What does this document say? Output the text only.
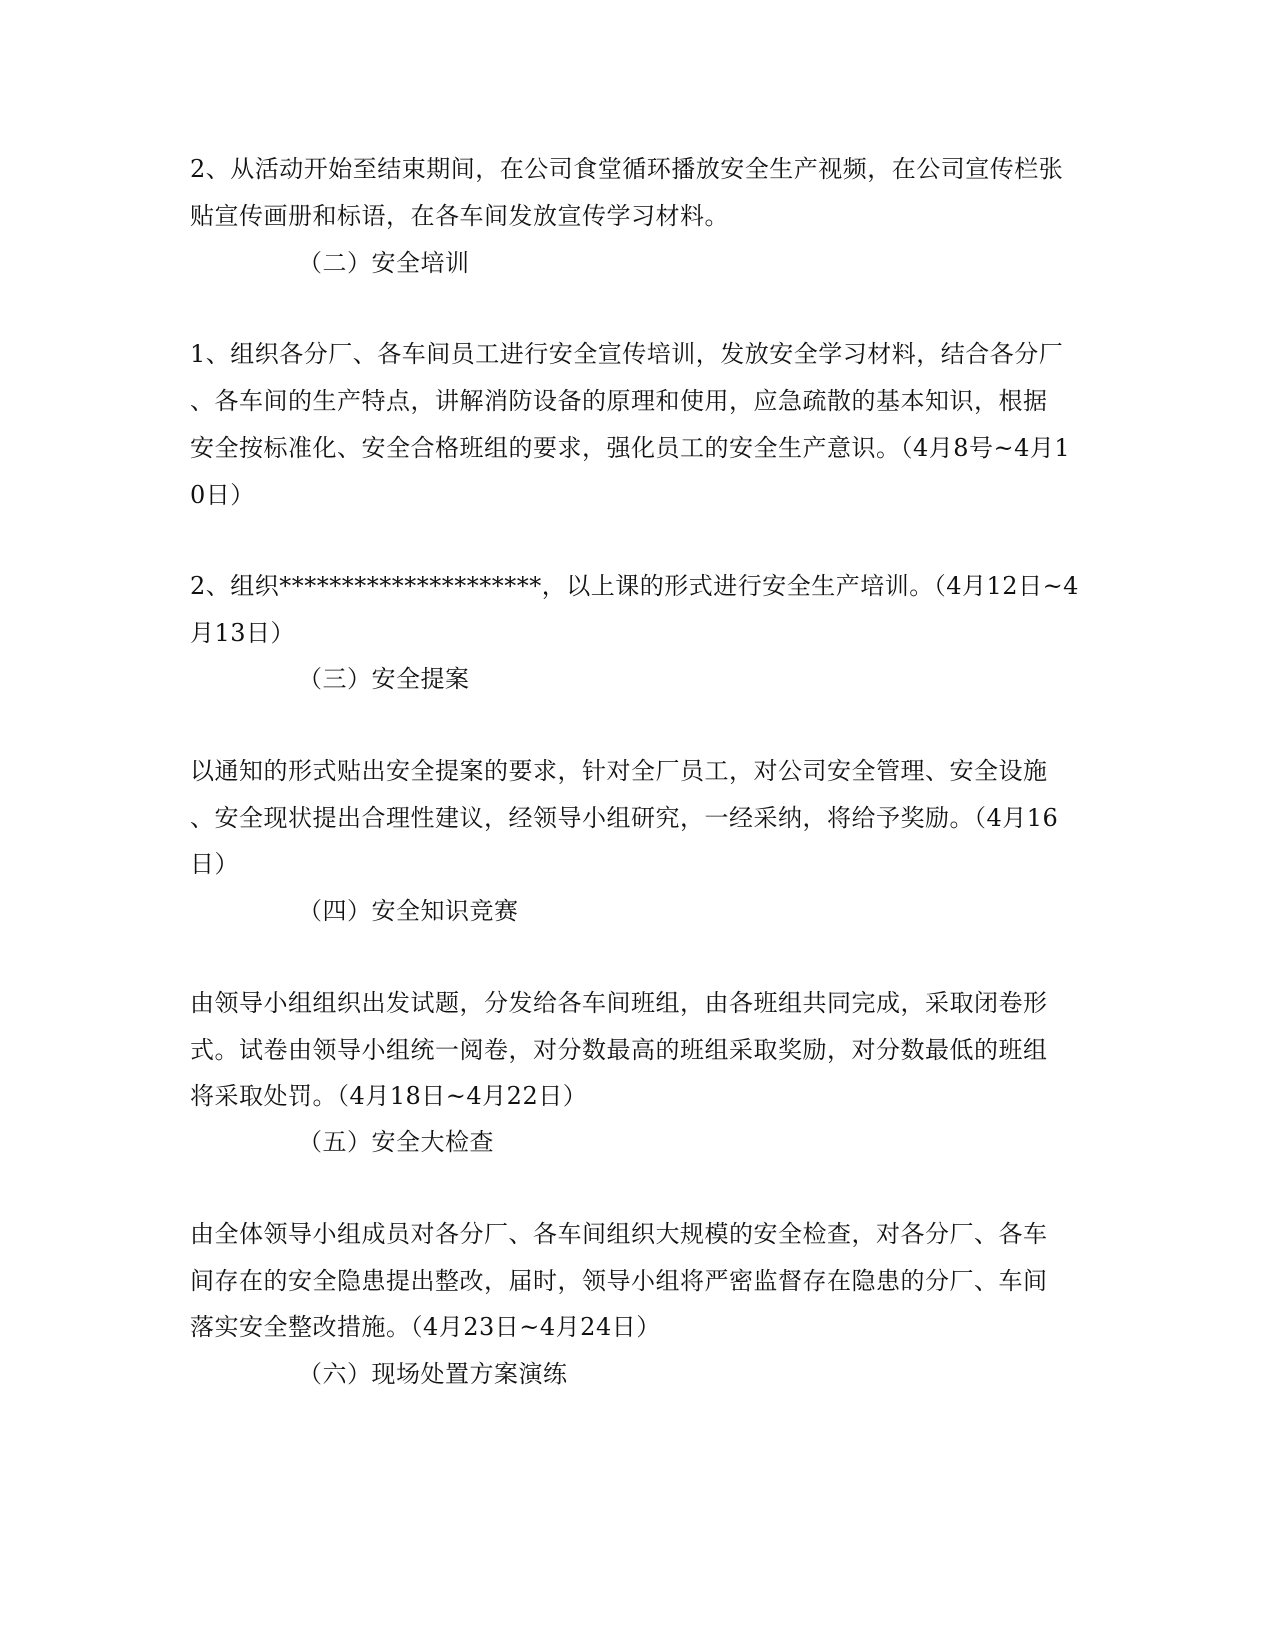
2、从活动开始至结束期间，在公司食堂循环播放安全生产视频，在公司宣传栏张
贴宣传画册和标语，在各车间发放宣传学习材料。
（二）安全培训
1、组织各分厂、各车间员工进行安全宣传培训，发放安全学习材料，结合各分厂
、各车间的生产特点，讲解消防设备的原理和使用，应急疏散的基本知识，根据
安全按标准化、安全合格班组的要求，强化员工的安全生产意识。（4月8号~4月1
0日）
2、组织*********************，以上课的形式进行安全生产培训。（4月12日~4
月13日）
（三）安全提案
以通知的形式贴出安全提案的要求，针对全厂员工，对公司安全管理、安全设施
、安全现状提出合理性建议，经领导小组研究，一经采纳，将给予奖励。（4月16
日）
（四）安全知识竞赛
由领导小组组织出发试题，分发给各车间班组，由各班组共同完成，采取闭卷形
式。试卷由领导小组统一阅卷，对分数最高的班组采取奖励，对分数最低的班组
将采取处罚。（4月18日~4月22日）
（五）安全大检查
由全体领导小组成员对各分厂、各车间组织大规模的安全检查，对各分厂、各车
间存在的安全隐患提出整改，届时，领导小组将严密监督存在隐患的分厂、车间
落实安全整改措施。（4月23日~4月24日）
（六）现场处置方案演练
